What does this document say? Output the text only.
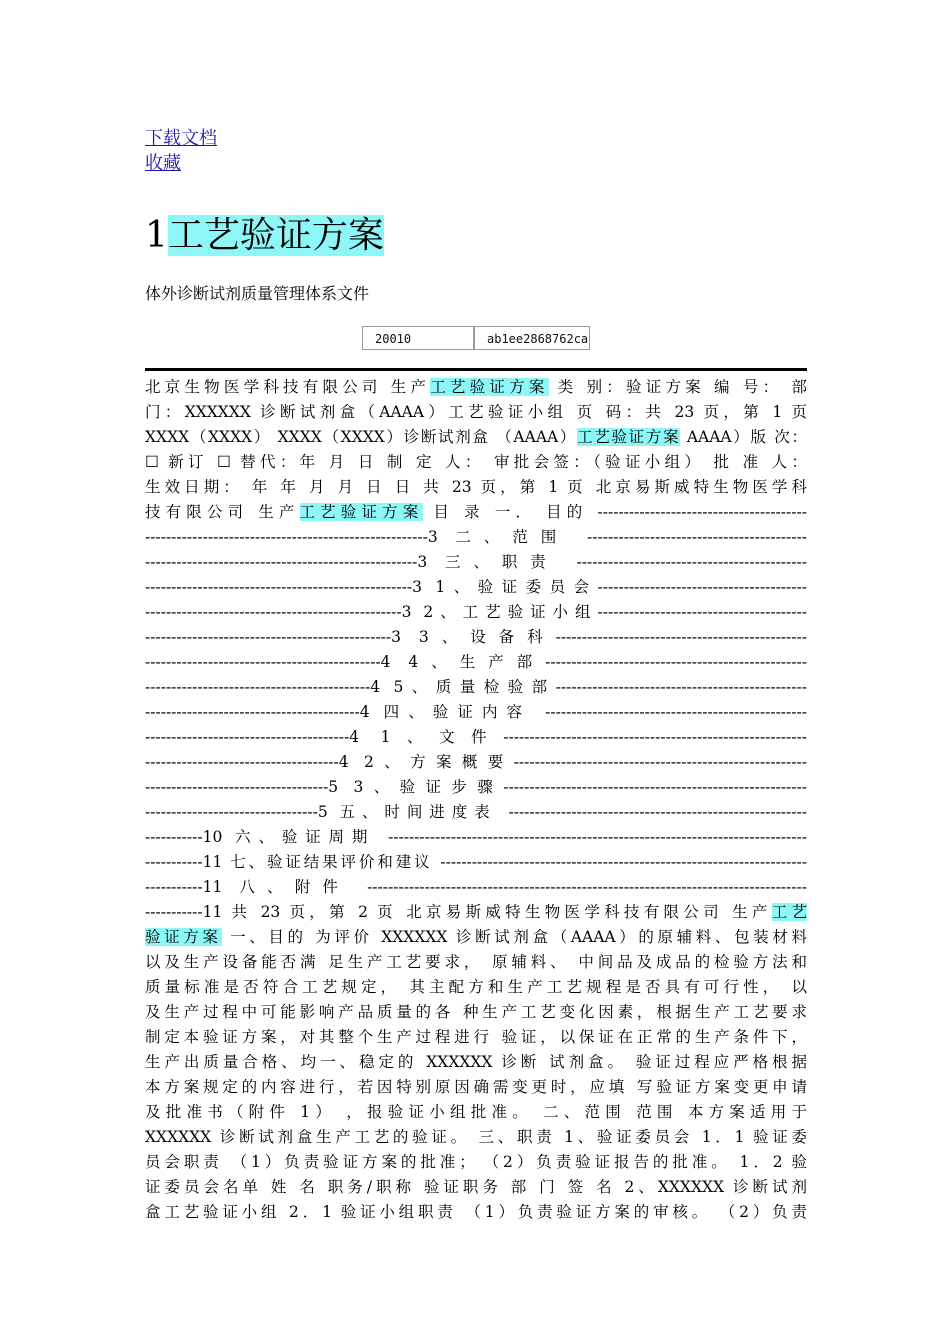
下载文档
收藏
1工艺验证方案
体外诊断试剂质量管理体系文件
20010	ab1ee2868762ca
北京生物医学科技有限公司 生产工艺验证方案 类 别：验证方案 编 号： 部
门：XXXXXX 诊断试剂盒（AAAA）工艺验证小组 页 码：共 23 页，第 1 页
XXXX（XXXX） XXXX（XXXX）诊断试剂盒 （AAAA）工艺验证方案 AAAA）版 次：
☐ 新订 ☐ 替代：年 月 日 制 定 人： 审批会签：（验证小组） 批 准 人：
生效日期： 年 年 月 月 日 日 共 23 页，第 1 页 北京易斯威特生物医学科
技有限公司 生产工艺验证方案 目 录 一． 目的 ----------------------------------------
------------------------------------------------------3 二、范围 ------------------------------------------
----------------------------------------------------3 三、职责 --------------------------------------------
---------------------------------------------------3 1、验证委员会----------------------------------------
-------------------------------------------------3 2、工艺验证小组----------------------------------------
-----------------------------------------------3 3、设备科------------------------------------------------
---------------------------------------------4 4、生产部--------------------------------------------------
-------------------------------------------4 5、质量检验部------------------------------------------------
-----------------------------------------4 四、验证内容 --------------------------------------------------
---------------------------------------4 1、文件----------------------------------------------------------
-------------------------------------4 2、方案概要--------------------------------------------------------
-----------------------------------5 3、验证步骤----------------------------------------------------------
---------------------------------5 五、时间进度表 ---------------------------------------------------------
-----------10 六、验证周期 --------------------------------------------------------------------------------
-----------11 七、验证结果评价和建议 ----------------------------------------------------------------------
-----------11 八、附件 ------------------------------------------------------------------------------------
-----------11 共 23 页，第 2 页 北京易斯威特生物医学科技有限公司 生产工艺
验证方案 一、目的 为评价 XXXXXX 诊断试剂盒（AAAA）的原辅料、包装材料
以及生产设备能否满 足生产工艺要求， 原辅料、 中间品及成品的检验方法和
质量标准是否符合工艺规定， 其主配方和生产工艺规程是否具有可行性， 以
及生产过程中可能影响产品质量的各 种生产工艺变化因素，根据生产工艺要求
制定本验证方案，对其整个生产过程进行 验证，以保证在正常的生产条件下，
生产出质量合格、均一、稳定的 XXXXXX 诊断 试剂盒。 验证过程应严格根据
本方案规定的内容进行，若因特别原因确需变更时，应填 写验证方案变更申请
及批准书（附件 1） ，报验证小组批准。 二、范围 范围 本方案适用于
XXXXXX 诊断试剂盒生产工艺的验证。 三、职责 1、验证委员会 1．1 验证委
员会职责 （1）负责验证方案的批准； （2）负责验证报告的批准。 1．2 验
证委员会名单 姓 名 职务/职称 验证职务 部 门 签 名 2、XXXXXX 诊断试剂
盒工艺验证小组 2．1 验证小组职责 （1）负责验证方案的审核。 （2）负责
